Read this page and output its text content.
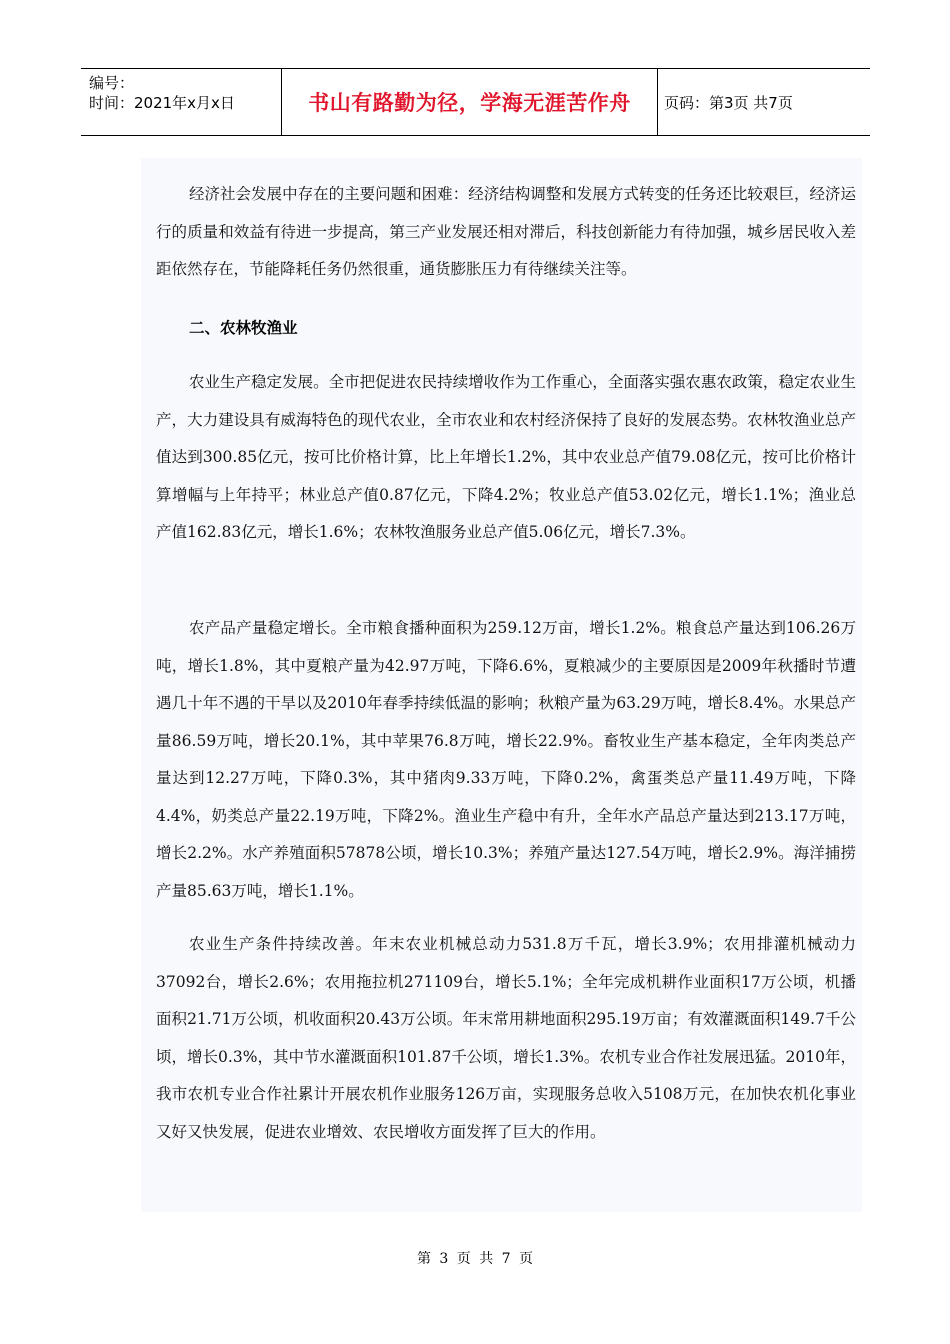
编号：
时间：2021年x月x日	书山有路勤为径，学海无涯苦作舟	页码：第3页 共7页

经济社会发展中存在的主要问题和困难：经济结构调整和发展方式转变的任务还比较艰巨，经济运行的质量和效益有待进一步提高，第三产业发展还相对滞后，科技创新能力有待加强，城乡居民收入差距依然存在，节能降耗任务仍然很重，通货膨胀压力有待继续关注等。

二、农林牧渔业

农业生产稳定发展。全市把促进农民持续增收作为工作重心，全面落实强农惠农政策，稳定农业生产，大力建设具有威海特色的现代农业，全市农业和农村经济保持了良好的发展态势。农林牧渔业总产值达到300.85亿元，按可比价格计算，比上年增长1.2%，其中农业总产值79.08亿元，按可比价格计算增幅与上年持平；林业总产值0.87亿元，下降4.2%；牧业总产值53.02亿元，增长1.1%；渔业总产值162.83亿元，增长1.6%；农林牧渔服务业总产值5.06亿元，增长7.3%。

农产品产量稳定增长。全市粮食播种面积为259.12万亩，增长1.2%。粮食总产量达到106.26万吨，增长1.8%，其中夏粮产量为42.97万吨，下降6.6%，夏粮减少的主要原因是2009年秋播时节遭遇几十年不遇的干旱以及2010年春季持续低温的影响；秋粮产量为63.29万吨，增长8.4%。水果总产量86.59万吨，增长20.1%，其中苹果76.8万吨，增长22.9%。畜牧业生产基本稳定，全年肉类总产量达到12.27万吨，下降0.3%，其中猪肉9.33万吨，下降0.2%，禽蛋类总产量11.49万吨，下降4.4%，奶类总产量22.19万吨，下降2%。渔业生产稳中有升，全年水产品总产量达到213.17万吨，增长2.2%。水产养殖面积57878公顷，增长10.3%；养殖产量达127.54万吨，增长2.9%。海洋捕捞产量85.63万吨，增长1.1%。

农业生产条件持续改善。年末农业机械总动力531.8万千瓦，增长3.9%；农用排灌机械动力37092台，增长2.6%；农用拖拉机271109台，增长5.1%；全年完成机耕作业面积17万公顷，机播面积21.71万公顷，机收面积20.43万公顷。年末常用耕地面积295.19万亩；有效灌溉面积149.7千公顷，增长0.3%，其中节水灌溉面积101.87千公顷，增长1.3%。农机专业合作社发展迅猛。2010年，我市农机专业合作社累计开展农机作业服务126万亩，实现服务总收入5108万元，在加快农机化事业又好又快发展，促进农业增效、农民增收方面发挥了巨大的作用。

第 3 页 共 7 页
